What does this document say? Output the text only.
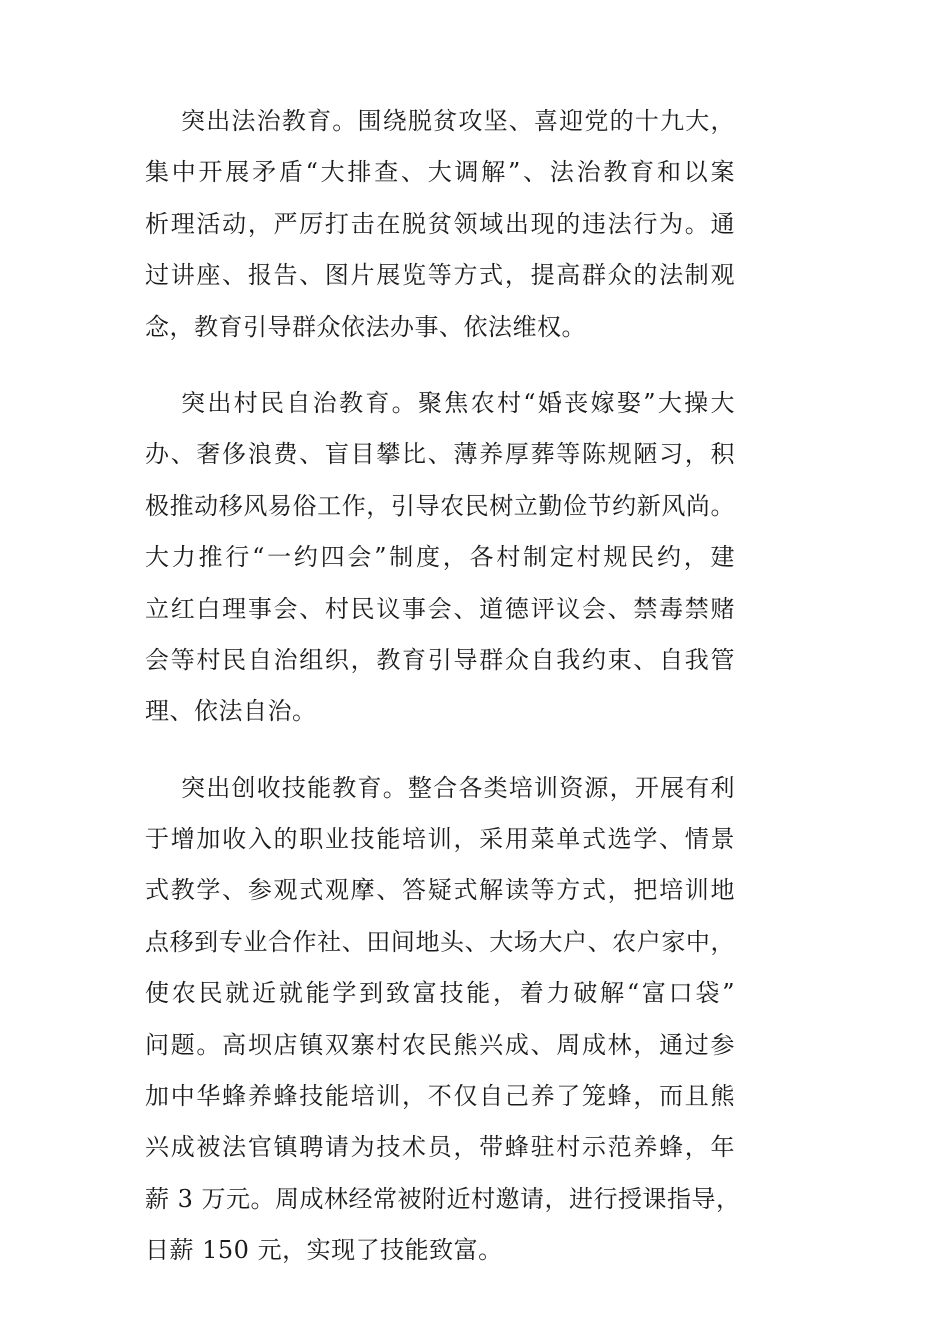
突出法治教育。围绕脱贫攻坚、喜迎党的十九大，
集中开展矛盾“大排查、大调解”、法治教育和以案
析理活动，严厉打击在脱贫领域出现的违法行为。通
过讲座、报告、图片展览等方式，提高群众的法制观
念，教育引导群众依法办事、依法维权。
突出村民自治教育。聚焦农村“婚丧嫁娶”大操大
办、奢侈浪费、盲目攀比、薄养厚葬等陈规陋习，积
极推动移风易俗工作，引导农民树立勤俭节约新风尚。
大力推行“一约四会”制度，各村制定村规民约，建
立红白理事会、村民议事会、道德评议会、禁毒禁赌
会等村民自治组织，教育引导群众自我约束、自我管
理、依法自治。
突出创收技能教育。整合各类培训资源，开展有利
于增加收入的职业技能培训，采用菜单式选学、情景
式教学、参观式观摩、答疑式解读等方式，把培训地
点移到专业合作社、田间地头、大场大户、农户家中，
使农民就近就能学到致富技能，着力破解“富口袋”
问题。高坝店镇双寨村农民熊兴成、周成林，通过参
加中华蜂养蜂技能培训，不仅自己养了笼蜂，而且熊
兴成被法官镇聘请为技术员，带蜂驻村示范养蜂，年
薪 3 万元。周成林经常被附近村邀请，进行授课指导，
日薪 150 元，实现了技能致富。
